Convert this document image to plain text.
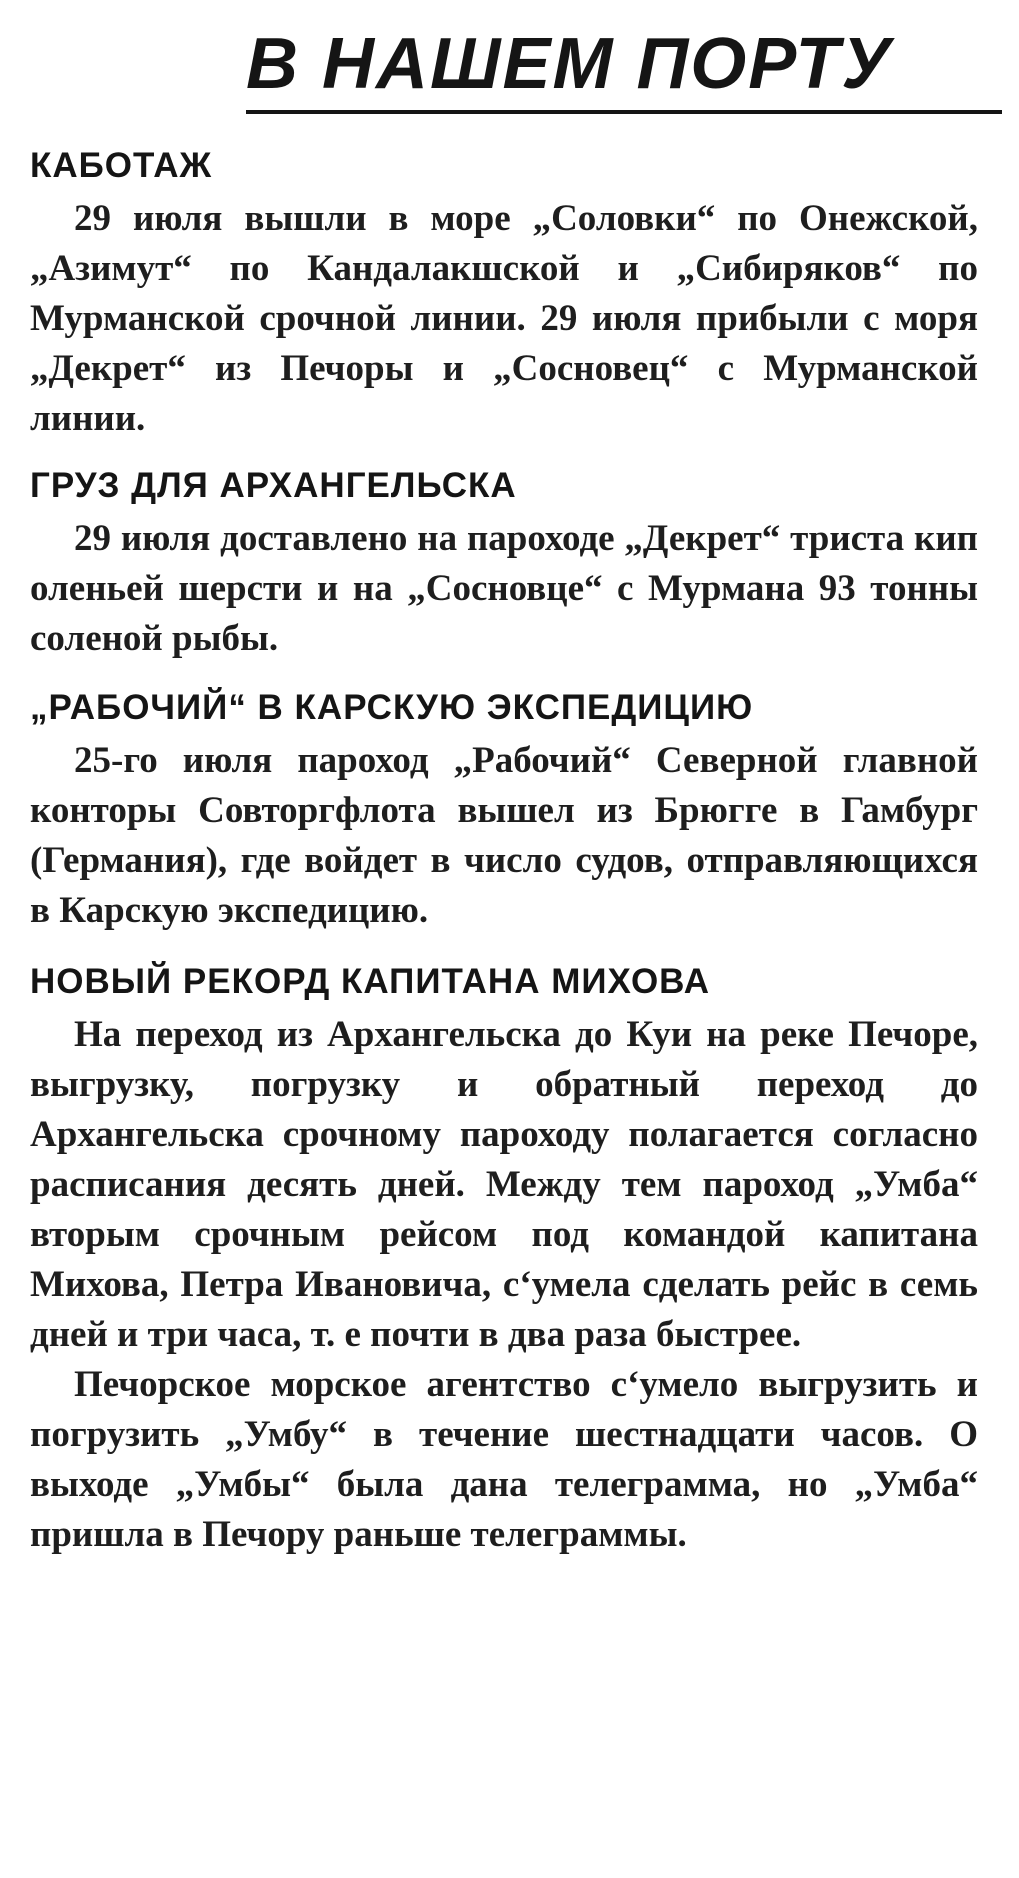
В НАШЕМ ПОРТУ
КАБОТАЖ

29 июля вышли в море „Соловки“ по Онежской, „Азимут“ по Кандалакшской и „Сибиряков“ по Мурманской срочной линии. 29 июля прибыли с моря „Декрет“ из Печоры и „Сосновец“ с Мурманской линии.

ГРУЗ ДЛЯ АРХАНГЕЛЬСКА

29 июля доставлено на пароходе „Декрет“ триста кип оленьей шерсти и на „Сосновце“ с Мурмана 93 тонны соленой рыбы.

„РАБОЧИЙ“ В КАРСКУЮ ЭКСПЕДИЦИЮ

25-го июля пароход „Рабочий“ Северной главной конторы Совторгфлота вышел из Брюгге в Гамбург (Германия), где войдет в число судов, отправляющихся в Карскую экспедицию.

НОВЫЙ РЕКОРД КАПИТАНА МИХОВА

На переход из Архангельска до Куи на реке Печоре, выгрузку, погрузку и обратный переход до Архангельска срочному пароходу полагается согласно расписания десять дней. Между тем пароход „Умба“ вторым срочным рейсом под командой капитана Михова, Петра Ивановича, с‘умела сделать рейс в семь дней и три часа, т. е почти в два раза быстрее.

Печорское морское агентство с‘умело выгрузить и погрузить „Умбу“ в течение шестнадцати часов. О выходе „Умбы“ была дана телеграмма, но „Умба“ пришла в Печору раньше телеграммы.
